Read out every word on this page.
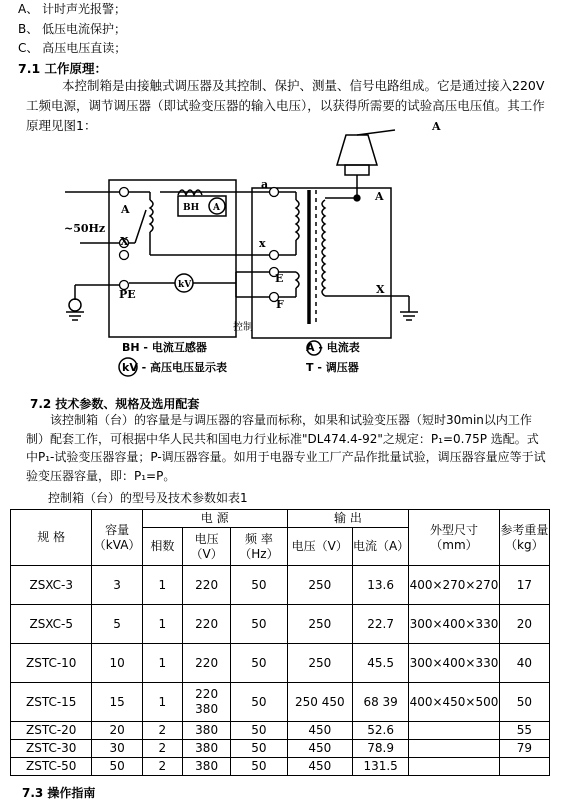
A、 计时声光报警；
B、 低压电流保护；
C、 高压电压直读；
7.1 工作原理：
本控制箱是由接触式调压器及其控制、保护、测量、信号电路组成。它是通过接入220V工频电源，调节调压器（即试验变压器的输入电压），以获得所需要的试验高压电压值。其工作原理见图1：	A
~50Hz
A
X
PE
BH A
kV
a
x
E
F
A
X
控制
BH - 电流互感器
kV - 高压电压显示表
A - 电流表
T - 调压器
7.2 技术参数、规格及选用配套
该控制箱（台）的容量是与调压器的容量而标称，如果和试验变压器（短时30min以内工作制）配套工作，可根据中华人民共和国电力行业标准"DL474.4-92"之规定：P₁=0.75P 选配。式中P₁-试验变压器容量；P-调压器容量。如用于电器专业工厂产品作批量试验，调压器容量应等于试验变压器容量，即：P₁=P。
控制箱（台）的型号及技术参数如表1
规 格	容量（kVA）	电 源			输 出		外型尺寸（mm）	参考重量（kg）
		相数	电压（V）	频 率（Hz）	电压（V）	电流（A）		
ZSXC-3	3	1	220	50	250	13.6	400×270×270	17
ZSXC-5	5	1	220	50	250	22.7	300×400×330	20
ZSTC-10	10	1	220	50	250	45.5	300×400×330	40
ZSTC-15	15	1	220 380	50	250 450	68 39	400×450×500	50
ZSTC-20	20	2	380	50	450	52.6		55
ZSTC-30	30	2	380	50	450	78.9		79
ZSTC-50	50	2	380	50	450	131.5		
7.3 操作指南
